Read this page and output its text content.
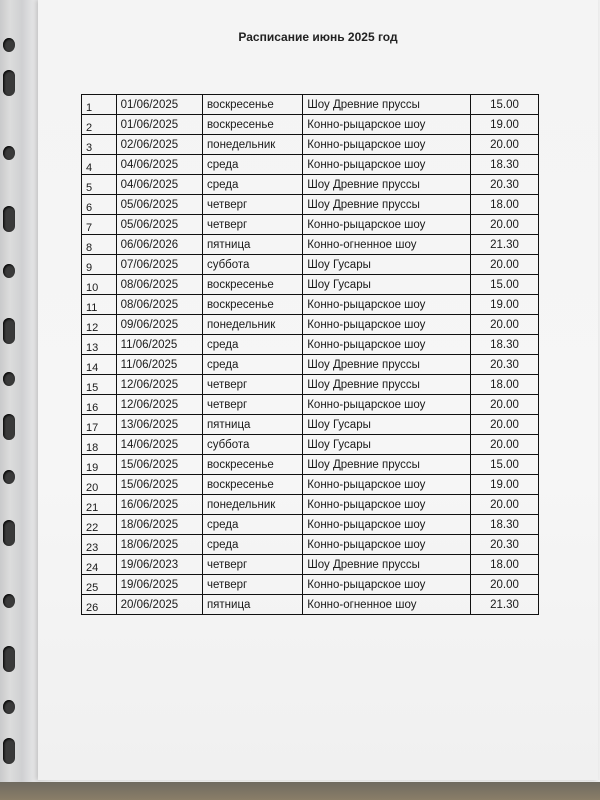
Расписание июнь 2025 год
1	01/06/2025	воскресенье	Шоу Древние пруссы	15.00
2	01/06/2025	воскресенье	Конно-рыцарское шоу	19.00
3	02/06/2025	понедельник	Конно-рыцарское шоу	20.00
4	04/06/2025	среда	Конно-рыцарское шоу	18.30
5	04/06/2025	среда	Шоу Древние пруссы	20.30
6	05/06/2025	четверг	Шоу Древние пруссы	18.00
7	05/06/2025	четверг	Конно-рыцарское шоу	20.00
8	06/06/2026	пятница	Конно-огненное шоу	21.30
9	07/06/2025	суббота	Шоу Гусары	20.00
10	08/06/2025	воскресенье	Шоу Гусары	15.00
11	08/06/2025	воскресенье	Конно-рыцарское шоу	19.00
12	09/06/2025	понедельник	Конно-рыцарское шоу	20.00
13	11/06/2025	среда	Конно-рыцарское шоу	18.30
14	11/06/2025	среда	Шоу Древние пруссы	20.30
15	12/06/2025	четверг	Шоу Древние пруссы	18.00
16	12/06/2025	четверг	Конно-рыцарское шоу	20.00
17	13/06/2025	пятница	Шоу Гусары	20.00
18	14/06/2025	суббота	Шоу Гусары	20.00
19	15/06/2025	воскресенье	Шоу Древние пруссы	15.00
20	15/06/2025	воскресенье	Конно-рыцарское шоу	19.00
21	16/06/2025	понедельник	Конно-рыцарское шоу	20.00
22	18/06/2025	среда	Конно-рыцарское шоу	18.30
23	18/06/2025	среда	Конно-рыцарское шоу	20.30
24	19/06/2023	четверг	Шоу Древние пруссы	18.00
25	19/06/2025	четверг	Конно-рыцарское шоу	20.00
26	20/06/2025	пятница	Конно-огненное шоу	21.30
